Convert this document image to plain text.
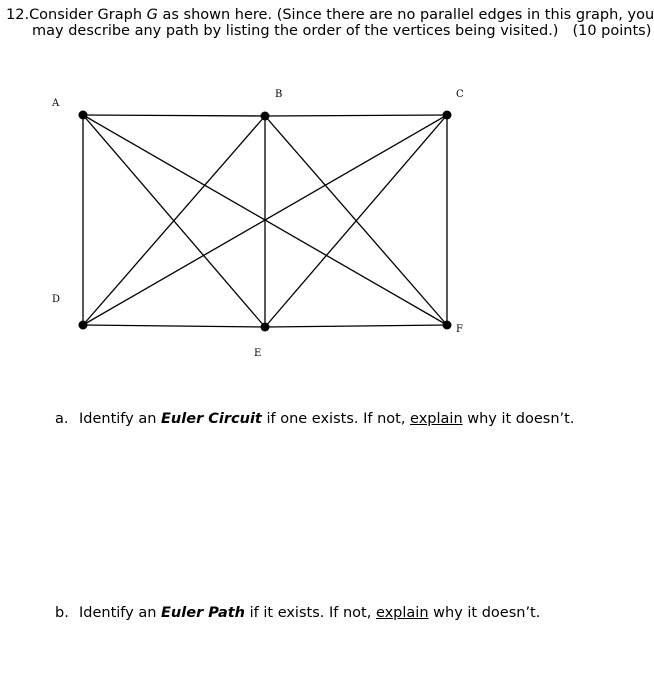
12.Consider Graph G as shown here. (Since there are no parallel edges in this graph, you
may describe any path by listing the order of the vertices being visited.) (10 points)
A
B	C
D
E
F
a. Identify an Euler Circuit if one exists. If not, explain why it doesn’t.
b. Identify an Euler Path if it exists. If not, explain why it doesn’t.
